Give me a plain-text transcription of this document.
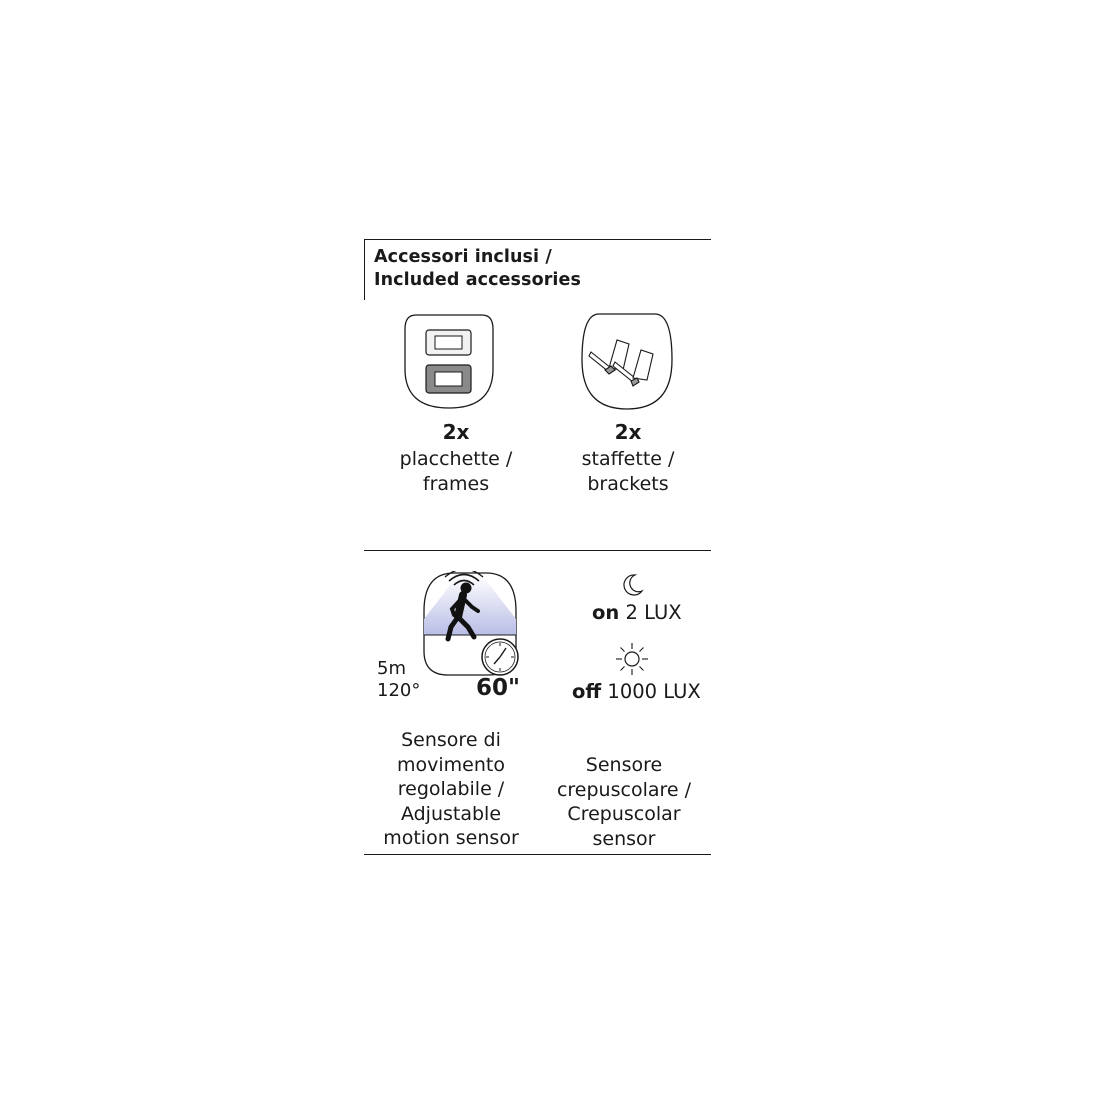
Accessori inclusi /
Included accessories
2x
placchette /
frames
2x
staffette /
brackets
5m
120° 60"
Sensore di
movimento
regolabile /
Adjustable
motion sensor
on 2 LUX
off 1000 LUX
Sensore
crepuscolare /
Crepuscolar
sensor
